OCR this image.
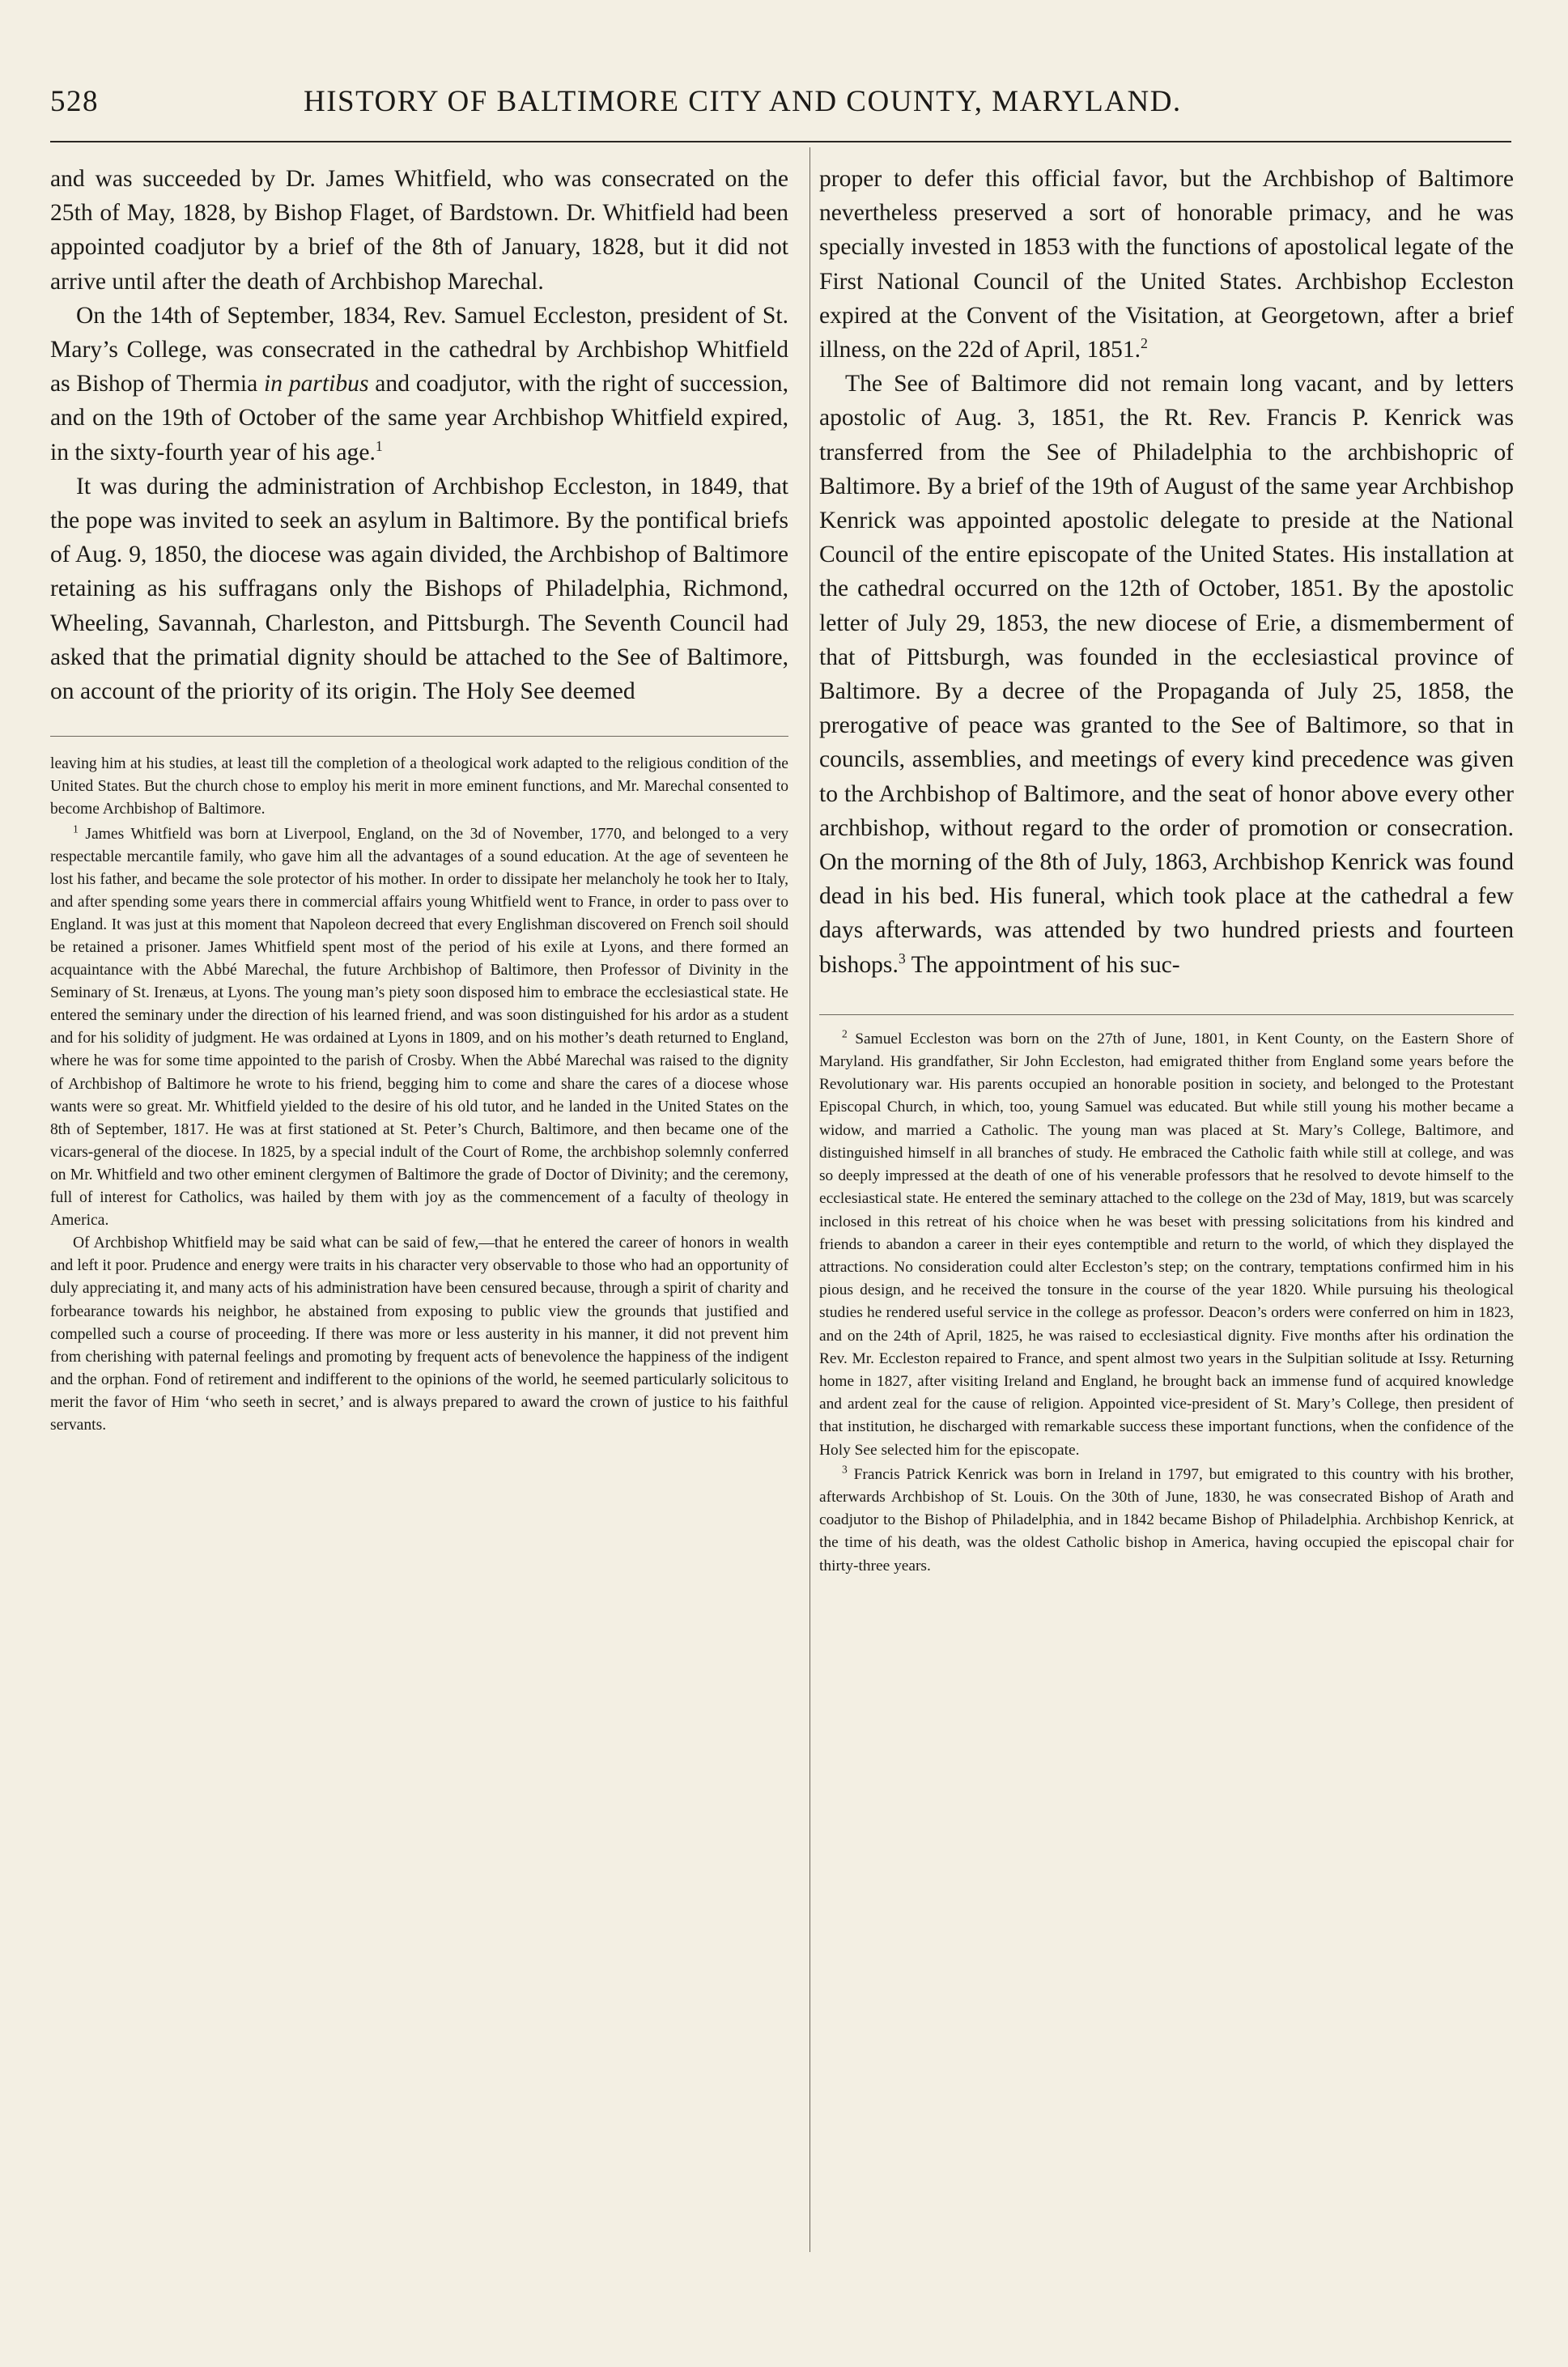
528	HISTORY OF BALTIMORE CITY AND COUNTY, MARYLAND.

and was succeeded by Dr. James Whitfield, who was consecrated on the 25th of May, 1828, by Bishop Flaget, of Bardstown. Dr. Whitfield had been appointed coadjutor by a brief of the 8th of January, 1828, but it did not arrive until after the death of Archbishop Marechal.

On the 14th of September, 1834, Rev. Samuel Eccleston, president of St. Mary’s College, was consecrated in the cathedral by Archbishop Whitfield as Bishop of Thermia in partibus and coadjutor, with the right of succession, and on the 19th of October of the same year Archbishop Whitfield expired, in the sixty-fourth year of his age.$^1$

It was during the administration of Archbishop Eccleston, in 1849, that the pope was invited to seek an asylum in Baltimore. By the pontifical briefs of Aug. 9, 1850, the diocese was again divided, the Archbishop of Baltimore retaining as his suffragans only the Bishops of Philadelphia, Richmond, Wheeling, Savannah, Charleston, and Pittsburgh. The Seventh Council had asked that the primatial dignity should be attached to the See of Baltimore, on account of the priority of its origin. The Holy See deemed

leaving him at his studies, at least till the completion of a theological work adapted to the religious condition of the United States. But the church chose to employ his merit in more eminent functions, and Mr. Marechal consented to become Archbishop of Baltimore.

$^1$ James Whitfield was born at Liverpool, England, on the 3d of November, 1770, and belonged to a very respectable mercantile family, who gave him all the advantages of a sound education. At the age of seventeen he lost his father, and became the sole protector of his mother. In order to dissipate her melancholy he took her to Italy, and after spending some years there in commercial affairs young Whitfield went to France, in order to pass over to England. It was just at this moment that Napoleon decreed that every Englishman discovered on French soil should be retained a prisoner. James Whitfield spent most of the period of his exile at Lyons, and there formed an acquaintance with the Abbé Marechal, the future Archbishop of Baltimore, then Professor of Divinity in the Seminary of St. Irenæus, at Lyons. The young man’s piety soon disposed him to embrace the ecclesiastical state. He entered the seminary under the direction of his learned friend, and was soon distinguished for his ardor as a student and for his solidity of judgment. He was ordained at Lyons in 1809, and on his mother’s death returned to England, where he was for some time appointed to the parish of Crosby. When the Abbé Marechal was raised to the dignity of Archbishop of Baltimore he wrote to his friend, begging him to come and share the cares of a diocese whose wants were so great. Mr. Whitfield yielded to the desire of his old tutor, and he landed in the United States on the 8th of September, 1817. He was at first stationed at St. Peter’s Church, Baltimore, and then became one of the vicars-general of the diocese. In 1825, by a special indult of the Court of Rome, the archbishop solemnly conferred on Mr. Whitfield and two other eminent clergymen of Baltimore the grade of Doctor of Divinity; and the ceremony, full of interest for Catholics, was hailed by them with joy as the commencement of a faculty of theology in America.

Of Archbishop Whitfield may be said what can be said of few,—that he entered the career of honors in wealth and left it poor. Prudence and energy were traits in his character very observable to those who had an opportunity of duly appreciating it, and many acts of his administration have been censured because, through a spirit of charity and forbearance towards his neighbor, he abstained from exposing to public view the grounds that justified and compelled such a course of proceeding. If there was more or less austerity in his manner, it did not prevent him from cherishing with paternal feelings and promoting by frequent acts of benevolence the happiness of the indigent and the orphan. Fond of retirement and indifferent to the opinions of the world, he seemed particularly solicitous to merit the favor of Him ‘who seeth in secret,’ and is always prepared to award the crown of justice to his faithful servants.

proper to defer this official favor, but the Archbishop of Baltimore nevertheless preserved a sort of honorable primacy, and he was specially invested in 1853 with the functions of apostolical legate of the First National Council of the United States. Archbishop Eccleston expired at the Convent of the Visitation, at Georgetown, after a brief illness, on the 22d of April, 1851.$^2$

The See of Baltimore did not remain long vacant, and by letters apostolic of Aug. 3, 1851, the Rt. Rev. Francis P. Kenrick was transferred from the See of Philadelphia to the archbishopric of Baltimore. By a brief of the 19th of August of the same year Archbishop Kenrick was appointed apostolic delegate to preside at the National Council of the entire episcopate of the United States. His installation at the cathedral occurred on the 12th of October, 1851. By the apostolic letter of July 29, 1853, the new diocese of Erie, a dismemberment of that of Pittsburgh, was founded in the ecclesiastical province of Baltimore. By a decree of the Propaganda of July 25, 1858, the prerogative of peace was granted to the See of Baltimore, so that in councils, assemblies, and meetings of every kind precedence was given to the Archbishop of Baltimore, and the seat of honor above every other archbishop, without regard to the order of promotion or consecration. On the morning of the 8th of July, 1863, Archbishop Kenrick was found dead in his bed. His funeral, which took place at the cathedral a few days afterwards, was attended by two hundred priests and fourteen bishops.$^3$ The appointment of his suc-

$^2$ Samuel Eccleston was born on the 27th of June, 1801, in Kent County, on the Eastern Shore of Maryland. His grandfather, Sir John Eccleston, had emigrated thither from England some years before the Revolutionary war. His parents occupied an honorable position in society, and belonged to the Protestant Episcopal Church, in which, too, young Samuel was educated. But while still young his mother became a widow, and married a Catholic. The young man was placed at St. Mary’s College, Baltimore, and distinguished himself in all branches of study. He embraced the Catholic faith while still at college, and was so deeply impressed at the death of one of his venerable professors that he resolved to devote himself to the ecclesiastical state. He entered the seminary attached to the college on the 23d of May, 1819, but was scarcely inclosed in this retreat of his choice when he was beset with pressing solicitations from his kindred and friends to abandon a career in their eyes contemptible and return to the world, of which they displayed the attractions. No consideration could alter Eccleston’s step; on the contrary, temptations confirmed him in his pious design, and he received the tonsure in the course of the year 1820. While pursuing his theological studies he rendered useful service in the college as professor. Deacon’s orders were conferred on him in 1823, and on the 24th of April, 1825, he was raised to ecclesiastical dignity. Five months after his ordination the Rev. Mr. Eccleston repaired to France, and spent almost two years in the Sulpitian solitude at Issy. Returning home in 1827, after visiting Ireland and England, he brought back an immense fund of acquired knowledge and ardent zeal for the cause of religion. Appointed vice-president of St. Mary’s College, then president of that institution, he discharged with remarkable success these important functions, when the confidence of the Holy See selected him for the episcopate.

$^3$ Francis Patrick Kenrick was born in Ireland in 1797, but emigrated to this country with his brother, afterwards Archbishop of St. Louis. On the 30th of June, 1830, he was consecrated Bishop of Arath and coadjutor to the Bishop of Philadelphia, and in 1842 became Bishop of Philadelphia. Archbishop Kenrick, at the time of his death, was the oldest Catholic bishop in America, having occupied the episcopal chair for thirty-three years.
